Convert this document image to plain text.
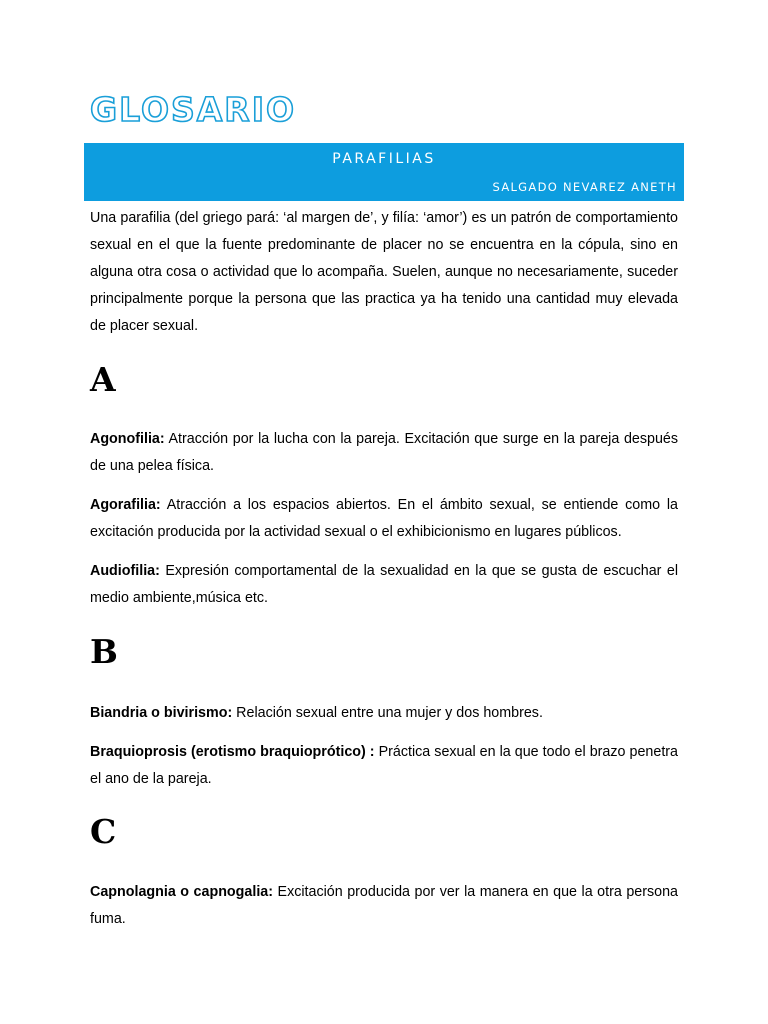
GLOSARIO
PARAFILIAS
SALGADO NEVAREZ ANETH

Una parafilia (del griego pará: ‘al margen de’, y filía: ‘amor’) es un patrón de comportamiento sexual en el que la fuente predominante de placer no se encuentra en la cópula, sino en alguna otra cosa o actividad que lo acompaña. Suelen, aunque no necesariamente, suceder principalmente porque la persona que las practica ya ha tenido una cantidad muy elevada de placer sexual.

A

Agonofilia: Atracción por la lucha con la pareja. Excitación que surge en la pareja después de una pelea física.

Agorafilia: Atracción a los espacios abiertos. En el ámbito sexual, se entiende como la excitación producida por la actividad sexual o el exhibicionismo en lugares públicos.

Audiofilia: Expresión comportamental de la sexualidad en la que se gusta de escuchar el medio ambiente,música etc.

B

Biandria o bivirismo: Relación sexual entre una mujer y dos hombres.

Braquioprosis (erotismo braquioprótico) : Práctica sexual en la que todo el brazo penetra el ano de la pareja.

C

Capnolagnia o capnogalia: Excitación producida por ver la manera en que la otra persona fuma.
